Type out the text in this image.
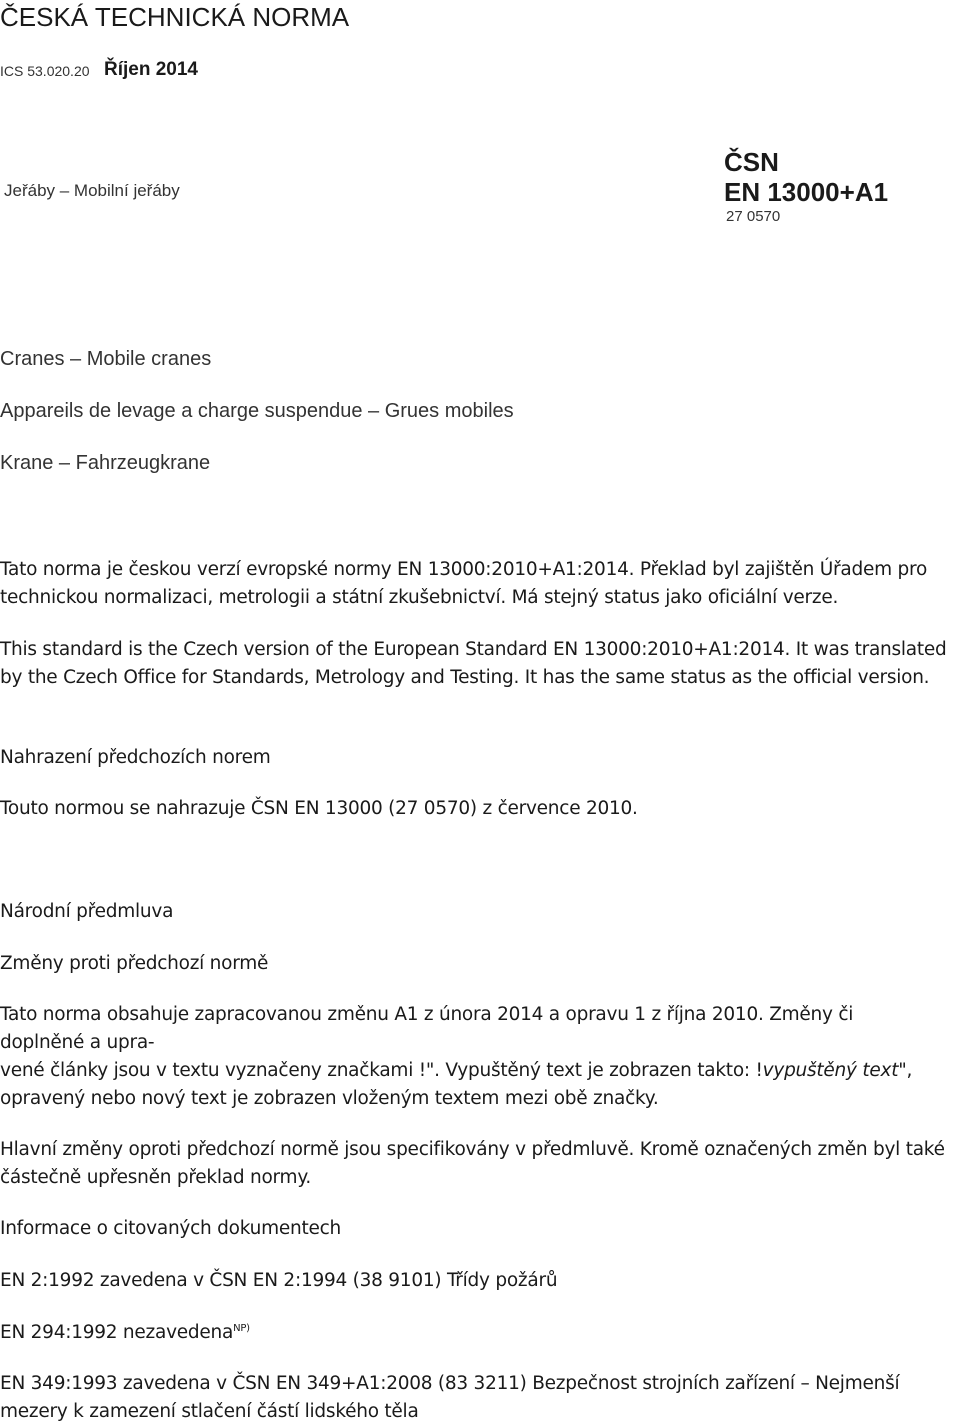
ČESKÁ TECHNICKÁ NORMA
ICS 53.020.20 Říjen 2014
Jeřáby – Mobilní jeřáby
ČSN
EN 13000+A1
27 0570
Cranes – Mobile cranes
Appareils de levage a charge suspendue – Grues mobiles
Krane – Fahrzeugkrane

Tato norma je českou verzí evropské normy EN 13000:2010+A1:2014. Překlad byl zajištěn Úřadem pro technickou normalizaci, metrologii a státní zkušebnictví. Má stejný status jako oficiální verze.

This standard is the Czech version of the European Standard EN 13000:2010+A1:2014. It was translated by the Czech Office for Standards, Metrology and Testing. It has the same status as the official version.

Nahrazení předchozích norem

Touto normou se nahrazuje ČSN EN 13000 (27 0570) z července 2010.

Národní předmluva

Změny proti předchozí normě

Tato norma obsahuje zapracovanou změnu A1 z února 2014 a opravu 1 z října 2010. Změny či

doplněné a upra-

vené články jsou v textu vyznačeny značkami !". Vypuštěný text je zobrazen takto: !vypuštěný text",

opravený nebo nový text je zobrazen vloženým textem mezi obě značky.

Hlavní změny oproti předchozí normě jsou specifikovány v předmluvě. Kromě označených změn byl také částečně upřesněn překlad normy.

Informace o citovaných dokumentech

EN 2:1992 zavedena v ČSN EN 2:1994 (38 9101) Třídy požárů

EN 294:1992 nezavedena$^{NP)}$

EN 349:1993 zavedena v ČSN EN 349+A1:2008 (83 3211) Bezpečnost strojních zařízení – Nejmenší mezery k zamezení stlačení částí lidského těla
